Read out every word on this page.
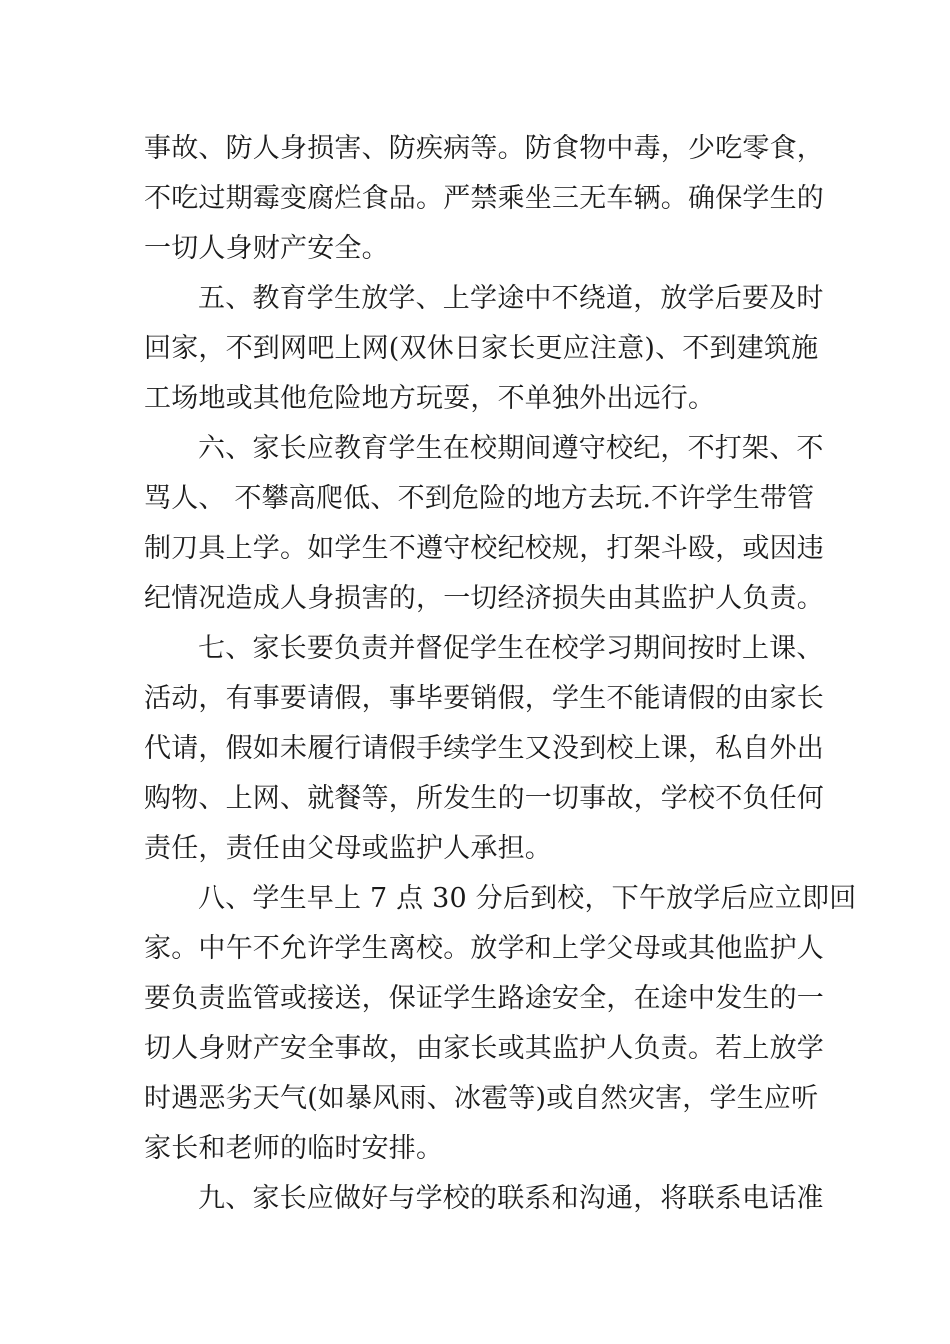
事故、防人身损害、防疾病等。防食物中毒，少吃零食，
不吃过期霉变腐烂食品。严禁乘坐三无车辆。确保学生的
一切人身财产安全。
五、教育学生放学、上学途中不绕道，放学后要及时
回家，不到网吧上网(双休日家长更应注意)、不到建筑施
工场地或其他危险地方玩耍，不单独外出远行。
六、家长应教育学生在校期间遵守校纪，不打架、不
骂人、 不攀高爬低、不到危险的地方去玩.不许学生带管
制刀具上学。如学生不遵守校纪校规，打架斗殴，或因违
纪情况造成人身损害的，一切经济损失由其监护人负责。
七、家长要负责并督促学生在校学习期间按时上课、
活动，有事要请假，事毕要销假，学生不能请假的由家长
代请，假如未履行请假手续学生又没到校上课，私自外出
购物、上网、就餐等，所发生的一切事故，学校不负任何
责任，责任由父母或监护人承担。
八、学生早上 7 点 30 分后到校，下午放学后应立即回
家。中午不允许学生离校。放学和上学父母或其他监护人
要负责监管或接送，保证学生路途安全，在途中发生的一
切人身财产安全事故，由家长或其监护人负责。若上放学
时遇恶劣天气(如暴风雨、冰雹等)或自然灾害，学生应听
家长和老师的临时安排。
九、家长应做好与学校的联系和沟通，将联系电话准
